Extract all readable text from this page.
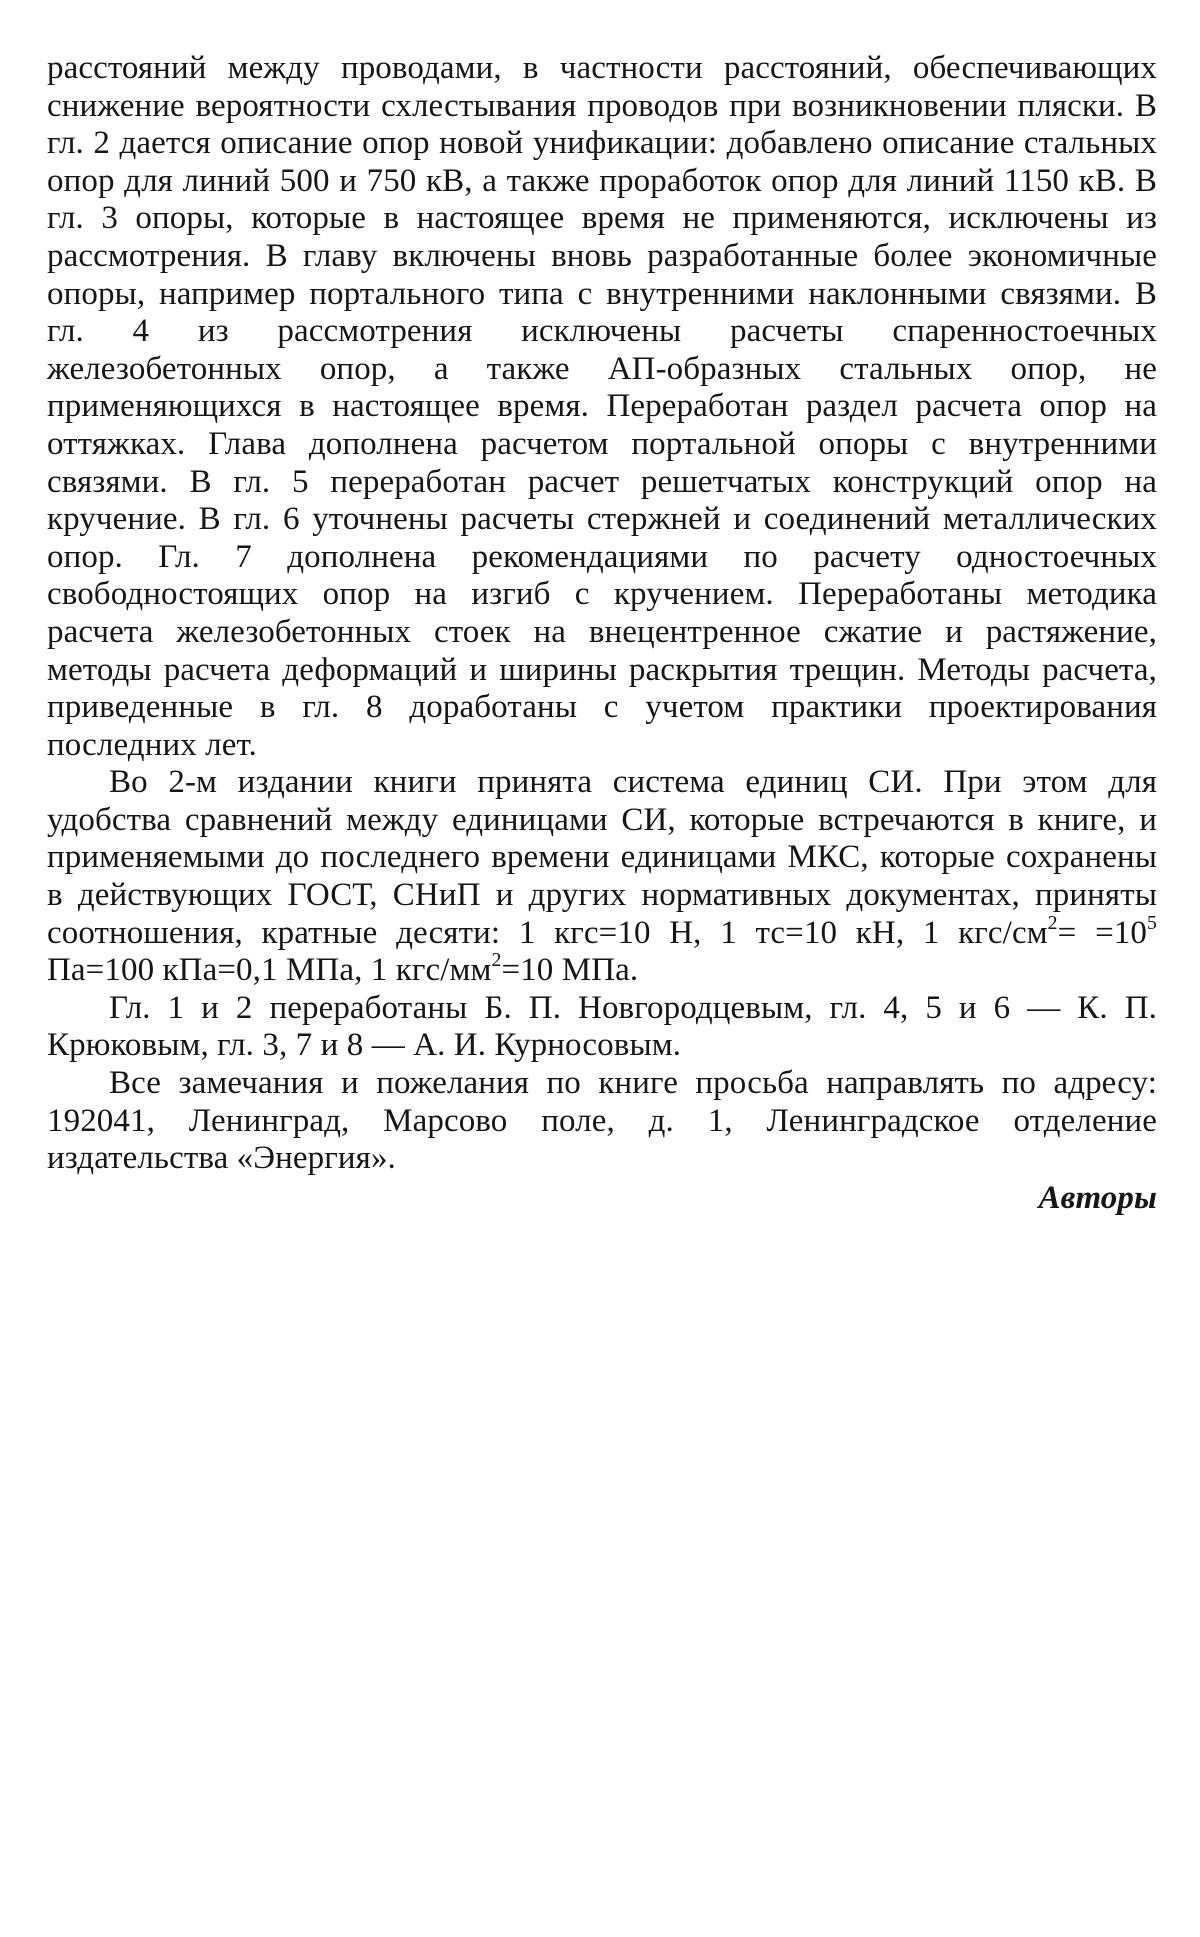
расстояний между проводами, в частности расстояний, обеспечивающих снижение вероятности схлестывания проводов при возникновении пляски. В гл. 2 дается описание опор новой унификации: добавлено описание стальных опор для линий 500 и 750 кВ, а также проработок опор для линий 1150 кВ. В гл. 3 опоры, которые в настоящее время не применяются, исключены из рассмотрения. В главу включены вновь разработанные более экономичные опоры, например портального типа с внутренними наклонными связями. В гл. 4 из рассмотрения исключены расчеты спаренностоечных железобетонных опор, а также АП-образных стальных опор, не применяющихся в настоящее время. Переработан раздел расчета опор на оттяжках. Глава дополнена расчетом портальной опоры с внутренними связями. В гл. 5 переработан расчет решетчатых конструкций опор на кручение. В гл. 6 уточнены расчеты стержней и соединений металлических опор. Гл. 7 дополнена рекомендациями по расчету одностоечных свободностоящих опор на изгиб с кручением. Переработаны методика расчета железобетонных стоек на внецентренное сжатие и растяжение, методы расчета деформаций и ширины раскрытия трещин. Методы расчета, приведенные в гл. 8 доработаны с учетом практики проектирования последних лет.

Во 2-м издании книги принята система единиц СИ. При этом для удобства сравнений между единицами СИ, которые встречаются в книге, и применяемыми до последнего времени единицами МКС, которые сохранены в действующих ГОСТ, СНиП и других нормативных документах, приняты соотношения, кратные десяти: 1 кгс=10 Н, 1 тс=10 кН, 1 кгс/$см^2= =10^5$ Па=100 кПа=0,1 МПа, 1 кгс/$мм^2=10$ МПа.

Гл. 1 и 2 переработаны Б. П. Новгородцевым, гл. 4, 5 и 6 — К. П. Крюковым, гл. 3, 7 и 8 — А. И. Курносовым.

Все замечания и пожелания по книге просьба направлять по адресу: 192041, Ленинград, Марсово поле, д. 1, Ленинградское отделение издательства «Энергия».

Авторы
